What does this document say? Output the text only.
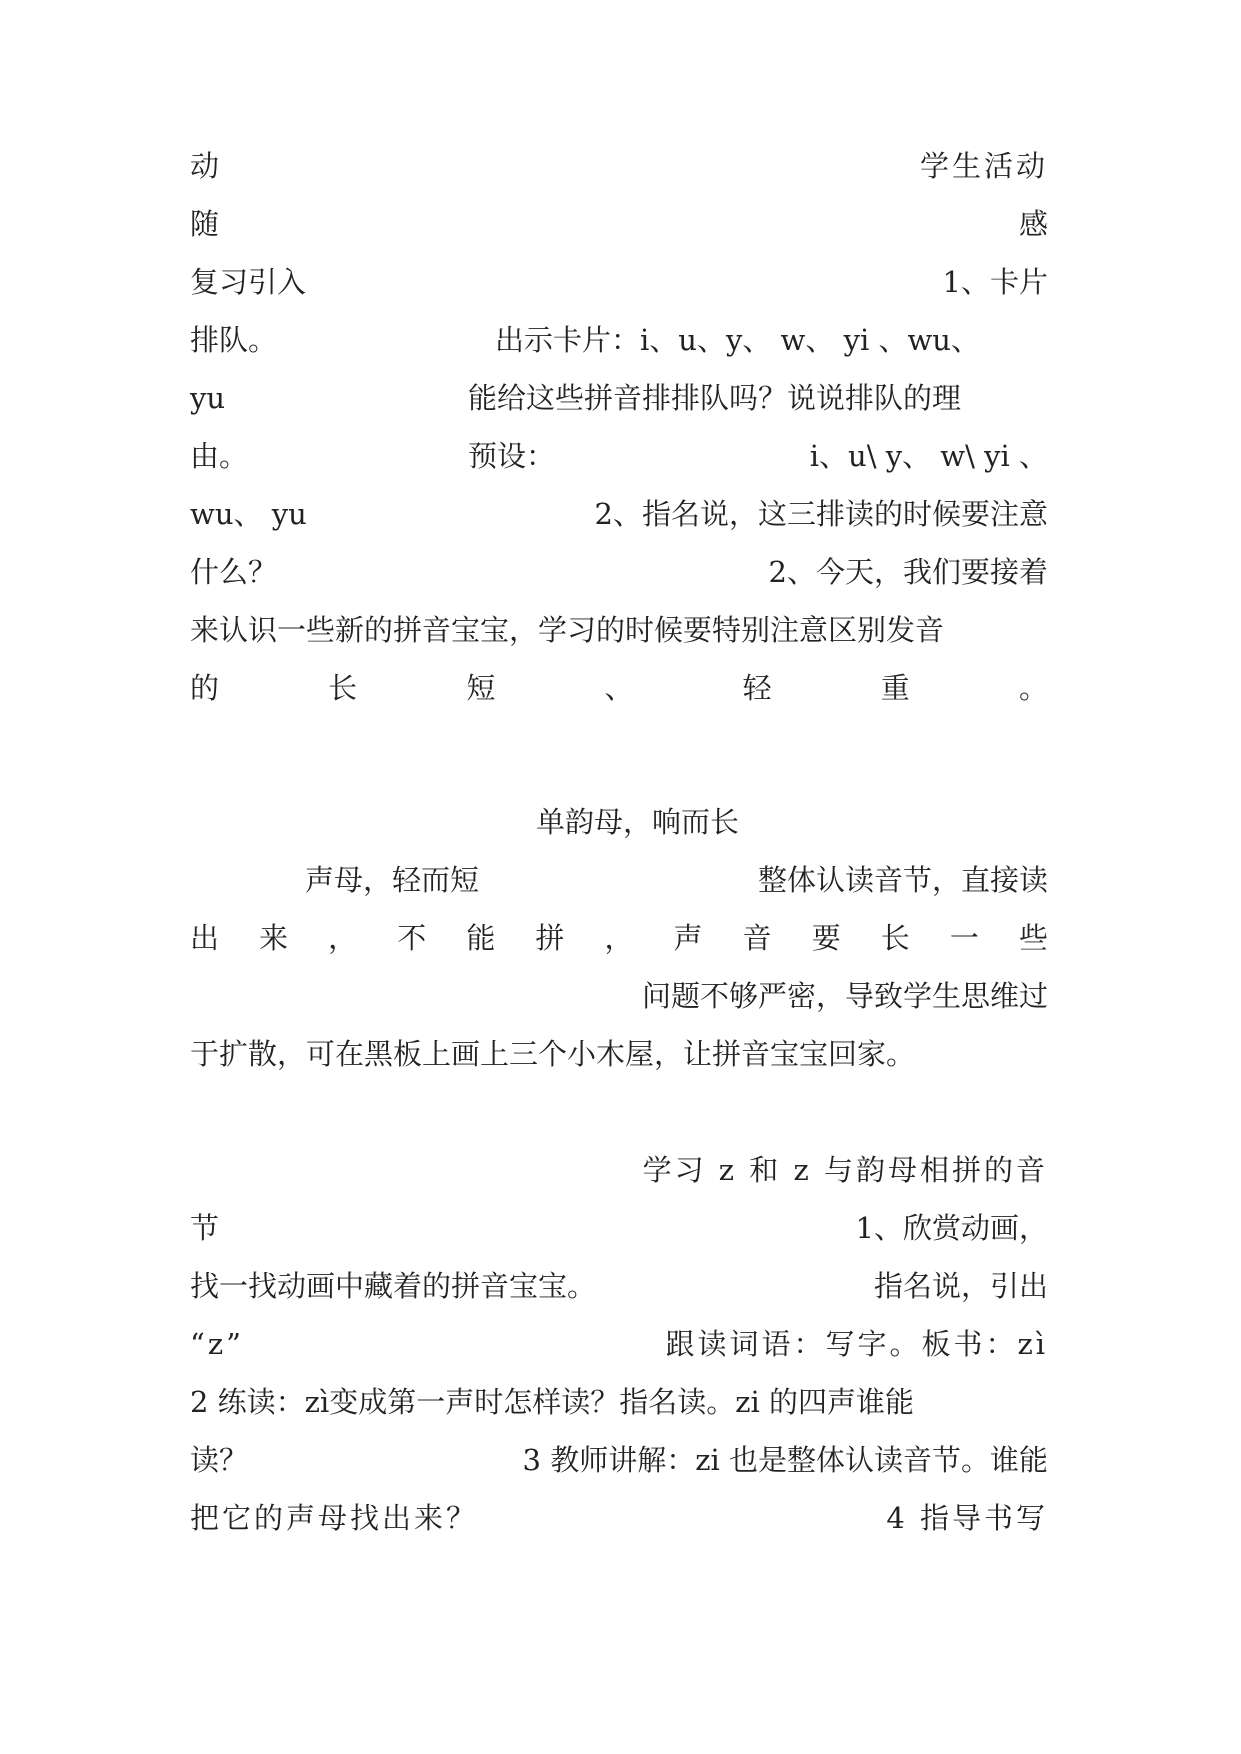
动	学生活动
随	感
复习引入	1、卡片
排队。	出示卡片：i、u、y、 w、 yi 、wu、
yu	能给这些拼音排排队吗？说说排队的理
由。	预设：	i、u\ y、 w\ yi 、
wu、 yu	2、指名说，这三排读的时候要注意
什么？	2、今天，我们要接着
来认识一些新的拼音宝宝，学习的时候要特别注意区别发音
的	长	短	、	轻	重	。
单韵母，响而长
声母，轻而短	整体认读音节，直接读
出 来 ， 不 能 拼 ， 声 音 要 长 一 些
问题不够严密，导致学生思维过
于扩散，可在黑板上画上三个小木屋，让拼音宝宝回家。
学习 z 和 z 与韵母相拼的音
节	1、欣赏动画，
找一找动画中藏着的拼音宝宝。	指名说，引出
“z”	跟读词语：写字。板书：zì
2 练读：zì变成第一声时怎样读？指名读。zi 的四声谁能
读？	3 教师讲解：zi 也是整体认读音节。谁能
把它的声母找出来？	4 指导书写
